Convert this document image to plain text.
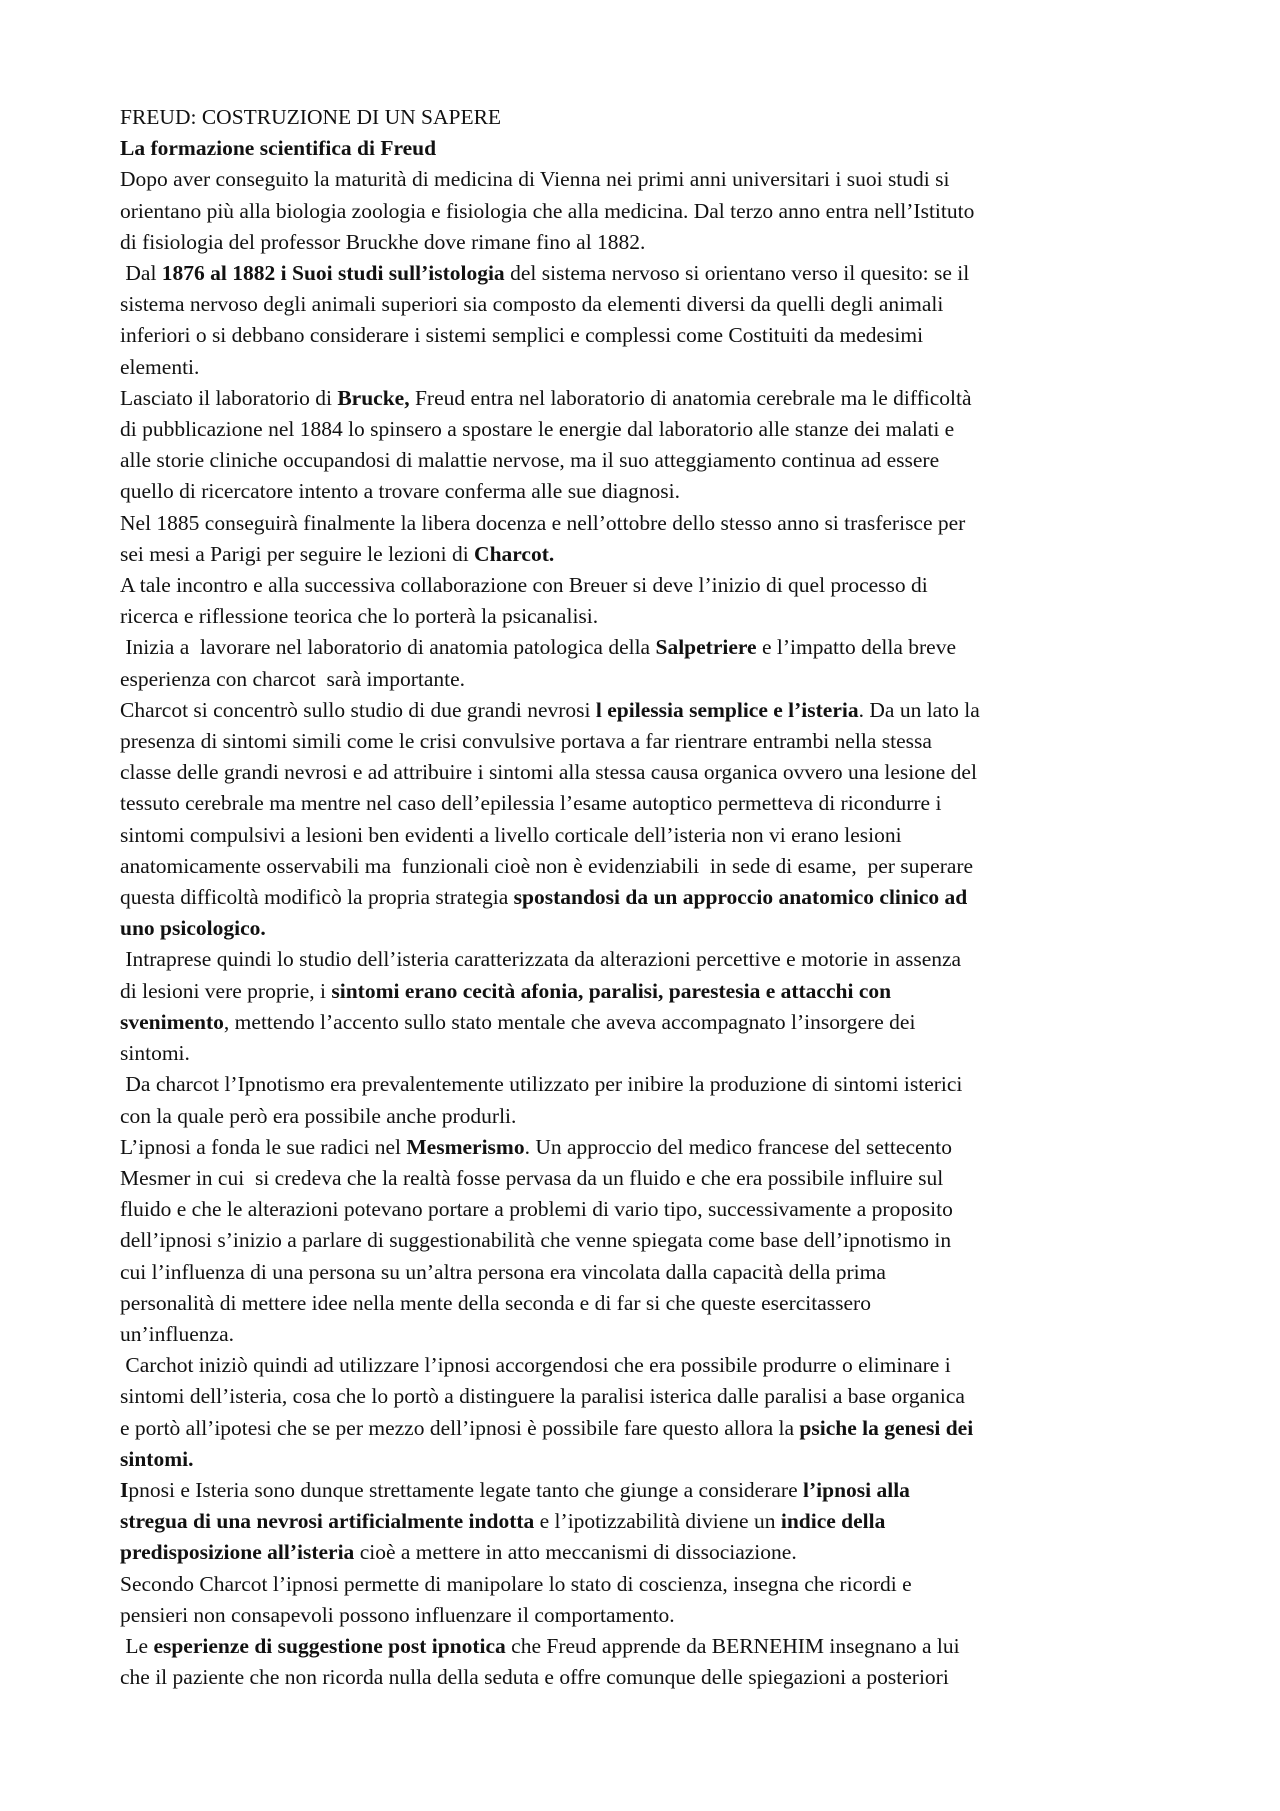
FREUD: COSTRUZIONE DI UN SAPERE

La formazione scientifica di Freud

Dopo aver conseguito la maturità di medicina di Vienna nei primi anni universitari i suoi studi si
orientano più alla biologia zoologia e fisiologia che alla medicina. Dal terzo anno entra nell’Istituto
di fisiologia del professor Bruckhe dove rimane fino al 1882.

Dal 1876 al 1882 i Suoi studi sull’istologia del sistema nervoso si orientano verso il quesito: se il
sistema nervoso degli animali superiori sia composto da elementi diversi da quelli degli animali
inferiori o si debbano considerare i sistemi semplici e complessi come Costituiti da medesimi
elementi.

Lasciato il laboratorio di Brucke, Freud entra nel laboratorio di anatomia cerebrale ma le difficoltà
di pubblicazione nel 1884 lo spinsero a spostare le energie dal laboratorio alle stanze dei malati e
alle storie cliniche occupandosi di malattie nervose, ma il suo atteggiamento continua ad essere
quello di ricercatore intento a trovare conferma alle sue diagnosi.

Nel 1885 conseguirà finalmente la libera docenza e nell’ottobre dello stesso anno si trasferisce per
sei mesi a Parigi per seguire le lezioni di Charcot.

A tale incontro e alla successiva collaborazione con Breuer si deve l’inizio di quel processo di
ricerca e riflessione teorica che lo porterà la psicanalisi.

Inizia a  lavorare nel laboratorio di anatomia patologica della Salpetriere e l’impatto della breve
esperienza con charcot  sarà importante.

Charcot si concentrò sullo studio di due grandi nevrosi l epilessia semplice e l’isteria. Da un lato la
presenza di sintomi simili come le crisi convulsive portava a far rientrare entrambi nella stessa
classe delle grandi nevrosi e ad attribuire i sintomi alla stessa causa organica ovvero una lesione del
tessuto cerebrale ma mentre nel caso dell’epilessia l’esame autoptico permetteva di ricondurre i
sintomi compulsivi a lesioni ben evidenti a livello corticale dell’isteria non vi erano lesioni
anatomicamente osservabili ma  funzionali cioè non è evidenziabili  in sede di esame,  per superare
questa difficoltà modificò la propria strategia spostandosi da un approccio anatomico clinico ad
uno psicologico.

Intraprese quindi lo studio dell’isteria caratterizzata da alterazioni percettive e motorie in assenza
di lesioni vere proprie, i sintomi erano cecità afonia, paralisi, parestesia e attacchi con
svenimento, mettendo l’accento sullo stato mentale che aveva accompagnato l’insorgere dei
sintomi.

Da charcot l’Ipnotismo era prevalentemente utilizzato per inibire la produzione di sintomi isterici
con la quale però era possibile anche produrli.

L’ipnosi a fonda le sue radici nel Mesmerismo. Un approccio del medico francese del settecento
Mesmer in cui  si credeva che la realtà fosse pervasa da un fluido e che era possibile influire sul
fluido e che le alterazioni potevano portare a problemi di vario tipo, successivamente a proposito
dell’ipnosi s’inizio a parlare di suggestionabilità che venne spiegata come base dell’ipnotismo in
cui l’influenza di una persona su un’altra persona era vincolata dalla capacità della prima
personalità di mettere idee nella mente della seconda e di far si che queste esercitassero
un’influenza.

Carchot iniziò quindi ad utilizzare l’ipnosi accorgendosi che era possibile produrre o eliminare i
sintomi dell’isteria, cosa che lo portò a distinguere la paralisi isterica dalle paralisi a base organica
e portò all’ipotesi che se per mezzo dell’ipnosi è possibile fare questo allora la psiche la genesi dei
sintomi.

Ipnosi e Isteria sono dunque strettamente legate tanto che giunge a considerare l’ipnosi alla
stregua di una nevrosi artificialmente indotta e l’ipotizzabilità diviene un indice della
predisposizione all’isteria cioè a mettere in atto meccanismi di dissociazione.

Secondo Charcot l’ipnosi permette di manipolare lo stato di coscienza, insegna che ricordi e
pensieri non consapevoli possono influenzare il comportamento.

Le esperienze di suggestione post ipnotica che Freud apprende da BERNEHIM insegnano a lui
che il paziente che non ricorda nulla della seduta e offre comunque delle spiegazioni a posteriori
